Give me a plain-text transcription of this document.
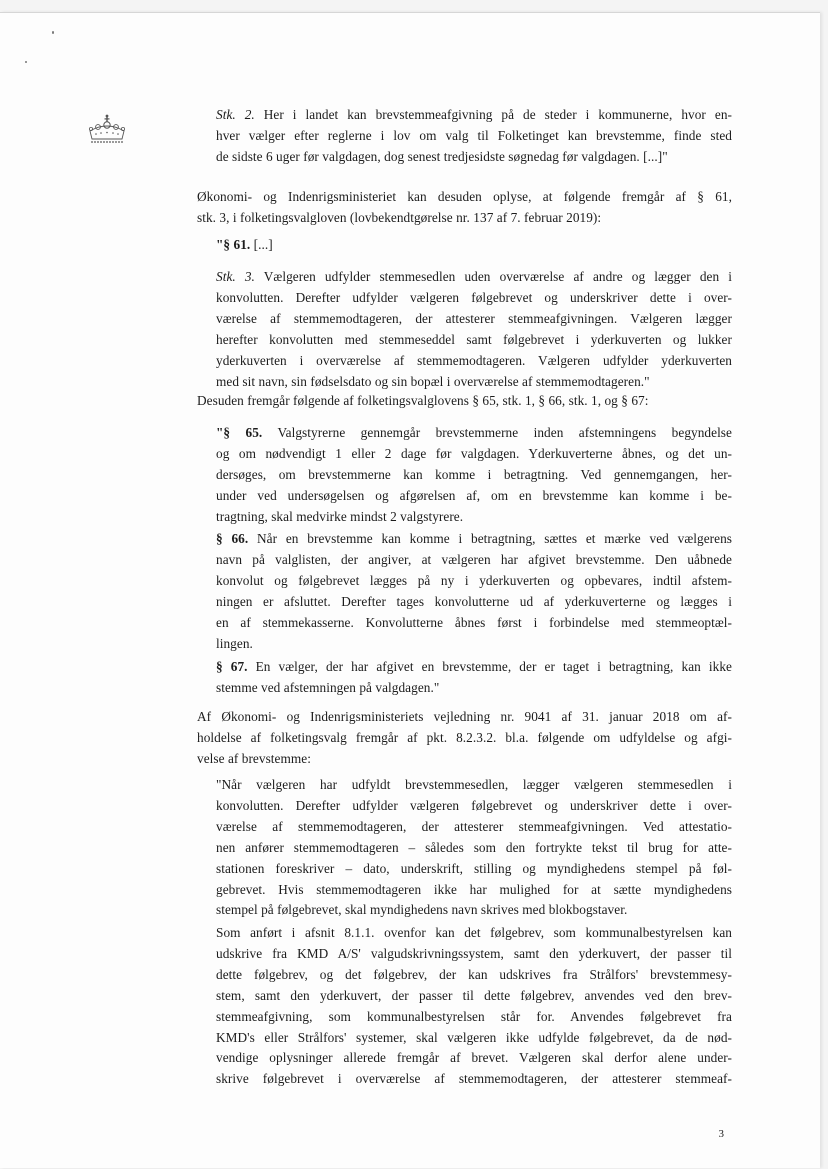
Stk. 2. Her i landet kan brevstemmeafgivning på de steder i kommunerne, hvor en-
hver vælger efter reglerne i lov om valg til Folketinget kan brevstemme, finde sted
de sidste 6 uger før valgdagen, dog senest tredjesidste søgnedag før valgdagen. [...]"

Økonomi- og Indenrigsministeriet kan desuden oplyse, at følgende fremgår af § 61,
stk. 3, i folketingsvalgloven (lovbekendtgørelse nr. 137 af 7. februar 2019):

"§ 61. [...]

Stk. 3. Vælgeren udfylder stemmesedlen uden overværelse af andre og lægger den i
konvolutten. Derefter udfylder vælgeren følgebrevet og underskriver dette i over-
værelse af stemmemodtageren, der attesterer stemmeafgivningen. Vælgeren lægger
herefter konvolutten med stemmeseddel samt følgebrevet i yderkuverten og lukker
yderkuverten i overværelse af stemmemodtageren. Vælgeren udfylder yderkuverten
med sit navn, sin fødselsdato og sin bopæl i overværelse af stemmemodtageren."

Desuden fremgår følgende af folketingsvalglovens § 65, stk. 1, § 66, stk. 1, og § 67:

"§ 65. Valgstyrerne gennemgår brevstemmerne inden afstemningens begyndelse
og om nødvendigt 1 eller 2 dage før valgdagen. Yderkuverterne åbnes, og det un-
dersøges, om brevstemmerne kan komme i betragtning. Ved gennemgangen, her-
under ved undersøgelsen og afgørelsen af, om en brevstemme kan komme i be-
tragtning, skal medvirke mindst 2 valgstyrere.

§ 66. Når en brevstemme kan komme i betragtning, sættes et mærke ved vælgerens
navn på valglisten, der angiver, at vælgeren har afgivet brevstemme. Den uåbnede
konvolut og følgebrevet lægges på ny i yderkuverten og opbevares, indtil afstem-
ningen er afsluttet. Derefter tages konvolutterne ud af yderkuverterne og lægges i
en af stemmekasserne. Konvolutterne åbnes først i forbindelse med stemmeoptæl-
lingen.

§ 67. En vælger, der har afgivet en brevstemme, der er taget i betragtning, kan ikke
stemme ved afstemningen på valgdagen."

Af Økonomi- og Indenrigsministeriets vejledning nr. 9041 af 31. januar 2018 om af-
holdelse af folketingsvalg fremgår af pkt. 8.2.3.2. bl.a. følgende om udfyldelse og afgi-
velse af brevstemme:

"Når vælgeren har udfyldt brevstemmesedlen, lægger vælgeren stemmesedlen i
konvolutten. Derefter udfylder vælgeren følgebrevet og underskriver dette i over-
værelse af stemmemodtageren, der attesterer stemmeafgivningen. Ved attestatio-
nen anfører stemmemodtageren – således som den fortrykte tekst til brug for atte-
stationen foreskriver – dato, underskrift, stilling og myndighedens stempel på føl-
gebrevet. Hvis stemmemodtageren ikke har mulighed for at sætte myndighedens
stempel på følgebrevet, skal myndighedens navn skrives med blokbogstaver.

Som anført i afsnit 8.1.1. ovenfor kan det følgebrev, som kommunalbestyrelsen kan
udskrive fra KMD A/S' valgudskrivningssystem, samt den yderkuvert, der passer til
dette følgebrev, og det følgebrev, der kan udskrives fra Strålfors' brevstemmesy-
stem, samt den yderkuvert, der passer til dette følgebrev, anvendes ved den brev-
stemmeafgivning, som kommunalbestyrelsen står for. Anvendes følgebrevet fra
KMD's eller Strålfors' systemer, skal vælgeren ikke udfylde følgebrevet, da de nød-
vendige oplysninger allerede fremgår af brevet. Vælgeren skal derfor alene under-
skrive følgebrevet i overværelse af stemmemodtageren, der attesterer stemmeaf-

3
